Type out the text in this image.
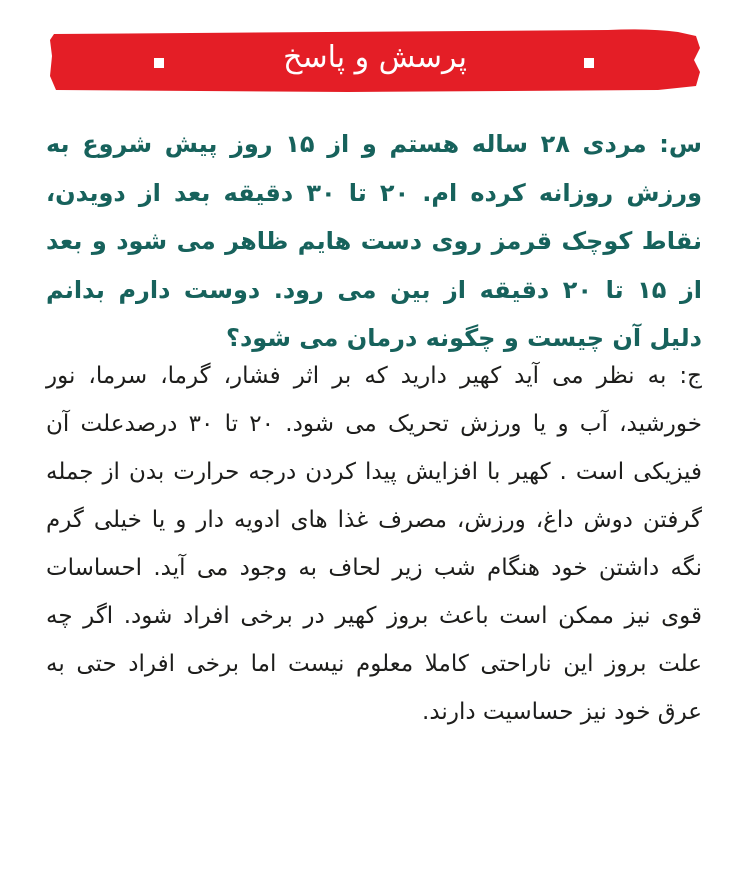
پرسش و پاسخ
س: مردی ۲۸ ساله هستم و از ۱۵ روز پیش شروع به ورزش روزانه کرده ام. ۲۰ تا ۳۰ دقیقه بعد از دویدن، نقاط کوچک قرمز روی دست هایم ظاهر می شود و بعد از ۱۵ تا ۲۰ دقیقه از بین می رود. دوست دارم بدانم دلیل آن چیست و چگونه درمان می شود؟
ج: به نظر می آید کهیر دارید که بر اثر فشار، گرما، سرما، نور خورشید، آب و یا ورزش تحریک می شود. ۲۰ تا ۳۰ درصدعلت آن فیزیکی است . کهیر با افزایش پیدا کردن درجه حرارت بدن از جمله گرفتن دوش داغ، ورزش، مصرف غذا های ادویه دار و یا خیلی گرم نگه داشتن خود هنگام شب زیر لحاف به وجود می آید. احساسات قوی نیز ممکن است باعث بروز کهیر در برخی افراد شود. اگر چه علت بروز این ناراحتی کاملا معلوم نیست اما برخی افراد حتی به عرق خود نیز حساسیت دارند.
